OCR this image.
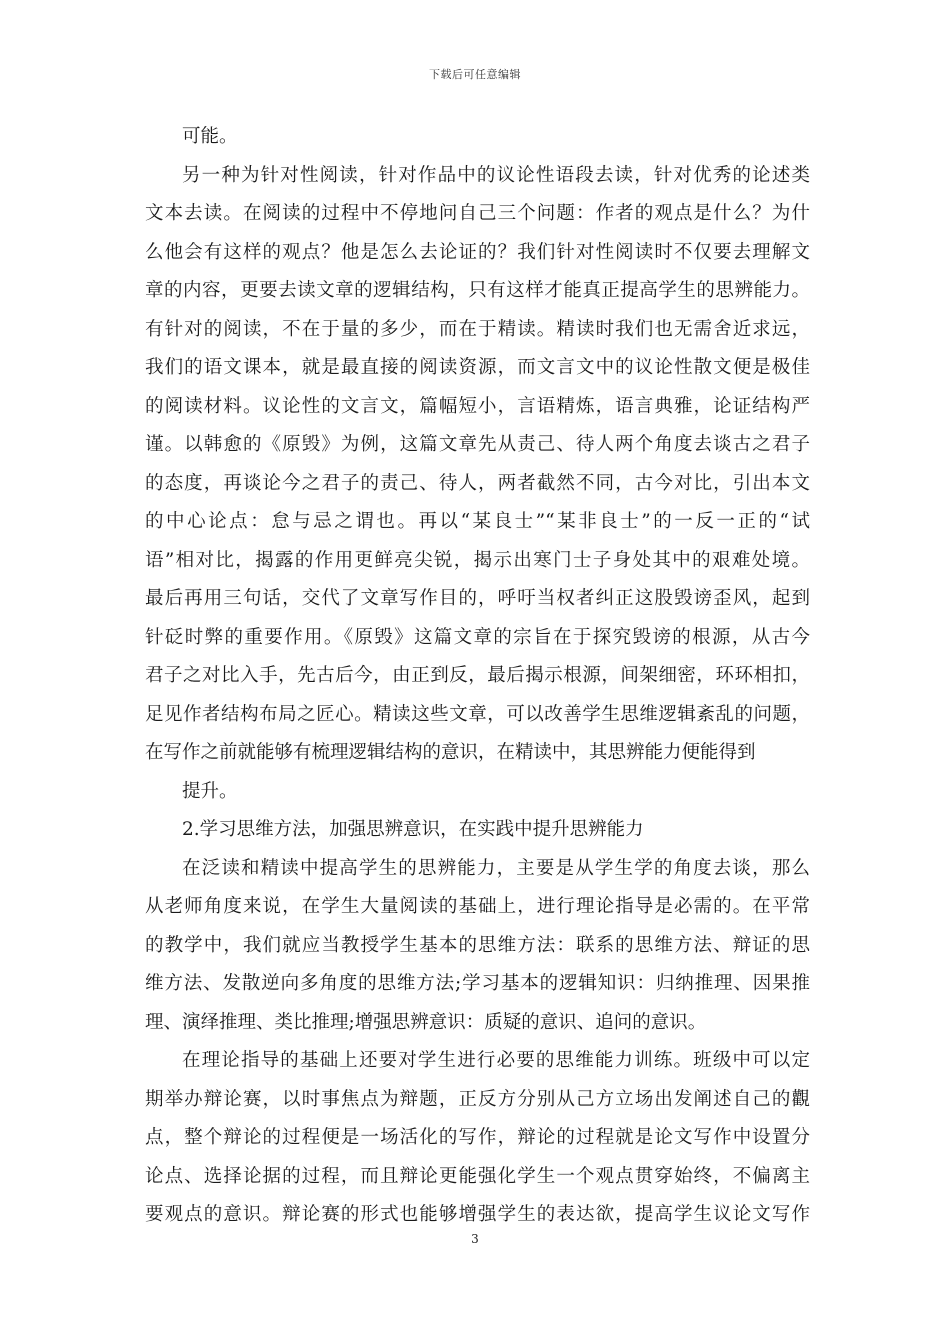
下载后可任意编辑
可能。
另一种为针对性阅读，针对作品中的议论性语段去读，针对优秀的论述类
文本去读。在阅读的过程中不停地问自己三个问题：作者的观点是什么？为什
么他会有这样的观点？他是怎么去论证的？我们针对性阅读时不仅要去理解文
章的内容，更要去读文章的逻辑结构，只有这样才能真正提高学生的思辨能力。
有针对的阅读，不在于量的多少，而在于精读。精读时我们也无需舍近求远，
我们的语文课本，就是最直接的阅读资源，而文言文中的议论性散文便是极佳
的阅读材料。议论性的文言文，篇幅短小，言语精炼，语言典雅，论证结构严
谨。以韩愈的《原毁》为例，这篇文章先从责己、待人两个角度去谈古之君子
的态度，再谈论今之君子的责己、待人，两者截然不同，古今对比，引出本文
的中心论点：怠与忌之谓也。再以“某良士”“某非良士”的一反一正的“试
语”相对比，揭露的作用更鲜亮尖锐，揭示出寒门士子身处其中的艰难处境。
最后再用三句话，交代了文章写作目的，呼吁当权者纠正这股毁谤歪风，起到
针砭时弊的重要作用。《原毁》这篇文章的宗旨在于探究毁谤的根源，从古今
君子之对比入手，先古后今，由正到反，最后揭示根源，间架细密，环环相扣，
足见作者结构布局之匠心。精读这些文章，可以改善学生思维逻辑紊乱的问题，
在写作之前就能够有梳理逻辑结构的意识，在精读中，其思辨能力便能得到
提升。
2.学习思维方法，加强思辨意识，在实践中提升思辨能力
在泛读和精读中提高学生的思辨能力，主要是从学生学的角度去谈，那么
从老师角度来说，在学生大量阅读的基础上，进行理论指导是必需的。在平常
的教学中，我们就应当教授学生基本的思维方法：联系的思维方法、辩证的思
维方法、发散逆向多角度的思维方法;学习基本的逻辑知识：归纳推理、因果推
理、演绎推理、类比推理;增强思辨意识：质疑的意识、追问的意识。
在理论指导的基础上还要对学生进行必要的思维能力训练。班级中可以定
期举办辩论赛，以时事焦点为辩题，正反方分别从己方立场出发阐述自己的觀
点，整个辩论的过程便是一场活化的写作，辩论的过程就是论文写作中设置分
论点、选择论据的过程，而且辩论更能强化学生一个观点贯穿始终，不偏离主
要观点的意识。辩论赛的形式也能够增强学生的表达欲，提高学生议论文写作
3
